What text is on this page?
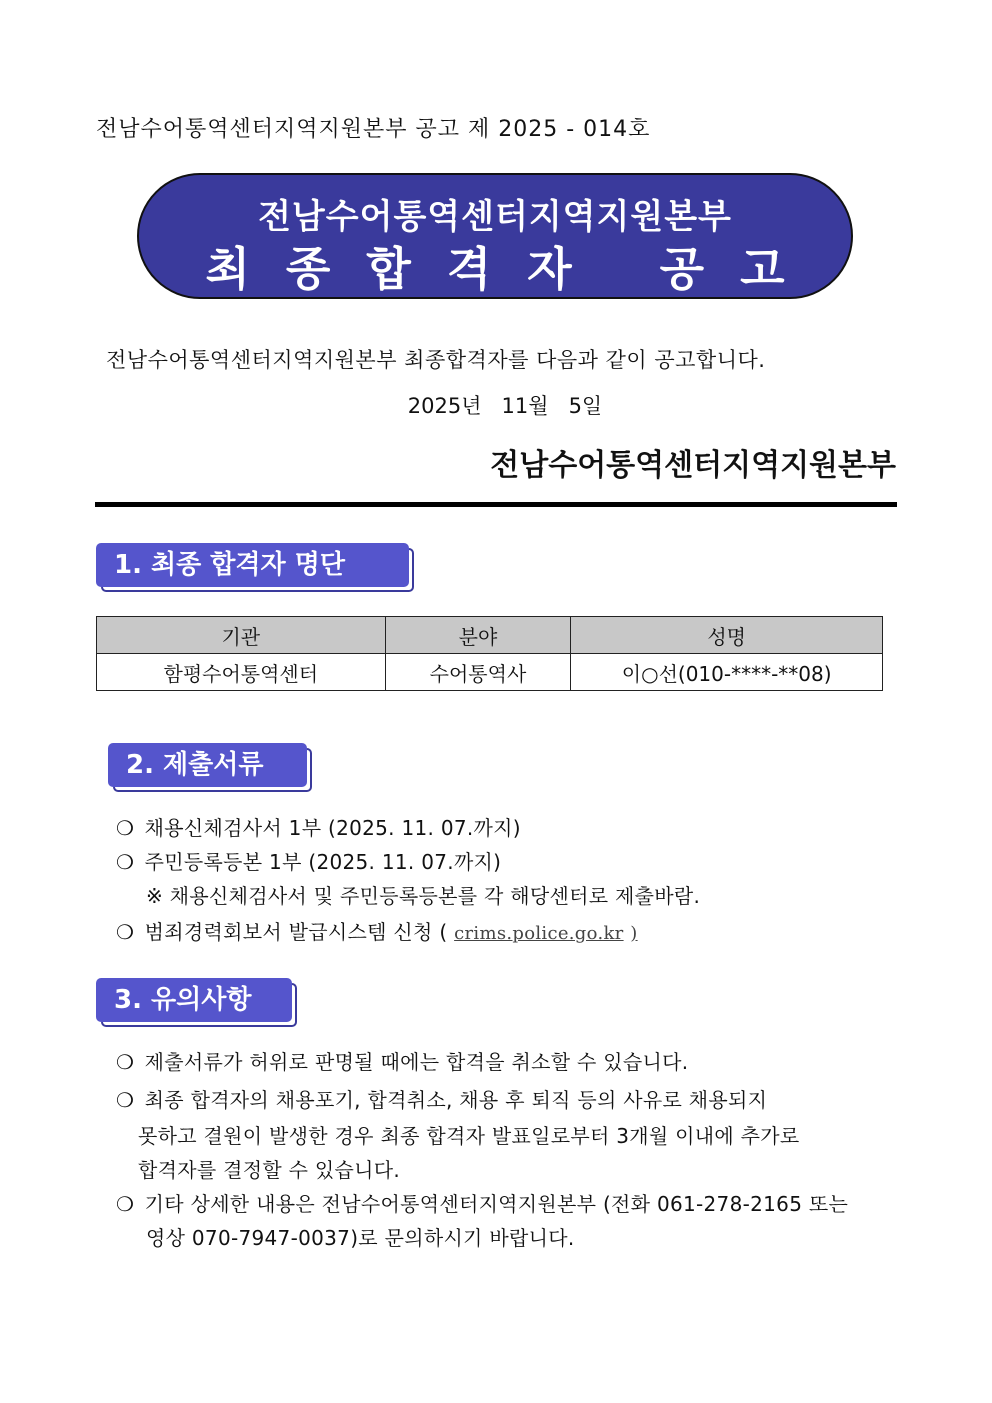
전남수어통역센터지역지원본부 공고 제 2025 - 014호
전남수어통역센터지역지원본부
최종합격자 공고
전남수어통역센터지역지원본부 최종합격자를 다음과 같이 공고합니다.
2025년   11월   5일
전남수어통역센터지역지원본부
1. 최종 합격자 명단
기관	분야	성명
함평수어통역센터	수어통역사	이○선(010-****-**08)
2. 제출서류
❍ 채용신체검사서 1부 (2025. 11. 07.까지)
❍ 주민등록등본 1부 (2025. 11. 07.까지)
※ 채용신체검사서 및 주민등록등본를 각 해당센터로 제출바람.
❍ 범죄경력회보서 발급시스템 신청 ( crims.police.go.kr )
3. 유의사항
❍ 제출서류가 허위로 판명될 때에는 합격을 취소할 수 있습니다.
❍ 최종 합격자의 채용포기, 합격취소, 채용 후 퇴직 등의 사유로 채용되지
못하고 결원이 발생한 경우 최종 합격자 발표일로부터 3개월 이내에 추가로
합격자를 결정할 수 있습니다.
❍ 기타 상세한 내용은 전남수어통역센터지역지원본부 (전화 061-278-2165 또는
영상 070-7947-0037)로 문의하시기 바랍니다.
